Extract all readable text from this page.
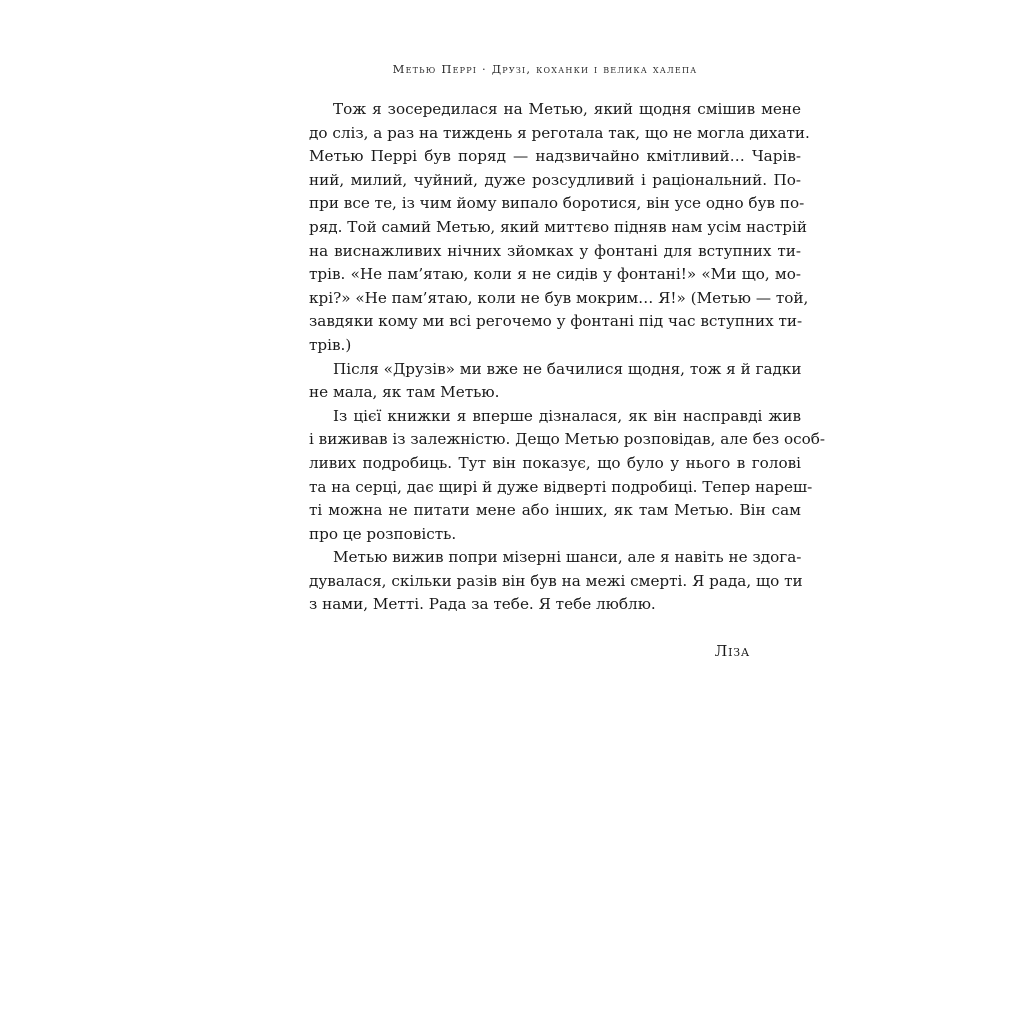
Метью Перрі · Друзі, коханки і велика халепа
Тож я зосередилася на Метью, який щодня смішив мене
до сліз, а раз на тиждень я реготала так, що не могла дихати.
Метью Перрі був поряд — надзвичайно кмітливий… Чарів-
ний, милий, чуйний, дуже розсудливий і раціональний. По-
при все те, із чим йому випало боротися, він усе одно був по-
ряд. Той самий Метью, який миттєво підняв нам усім настрій
на виснажливих нічних зйомках у фонтані для вступних ти-
трів. «Не пам’ятаю, коли я не сидів у фонтані!» «Ми що, мо-
крі?» «Не пам’ятаю, коли не був мокрим… Я!» (Метью — той,
завдяки кому ми всі регочемо у фонтані під час вступних ти-
трів.)
Після «Друзів» ми вже не бачилися щодня, тож я й гадки
не мала, як там Метью.
Із цієї книжки я вперше дізналася, як він насправді жив
і виживав із залежністю. Дещо Метью розповідав, але без особ-
ливих подробиць. Тут він показує, що було у нього в голові
та на серці, дає щирі й дуже відверті подробиці. Тепер нареш-
ті можна не питати мене або інших, як там Метью. Він сам
про це розповість.
Метью вижив попри мізерні шанси, але я навіть не здога-
дувалася, скільки разів він був на межі смерті. Я рада, що ти
з нами, Метті. Рада за тебе. Я тебе люблю.
Ліза
